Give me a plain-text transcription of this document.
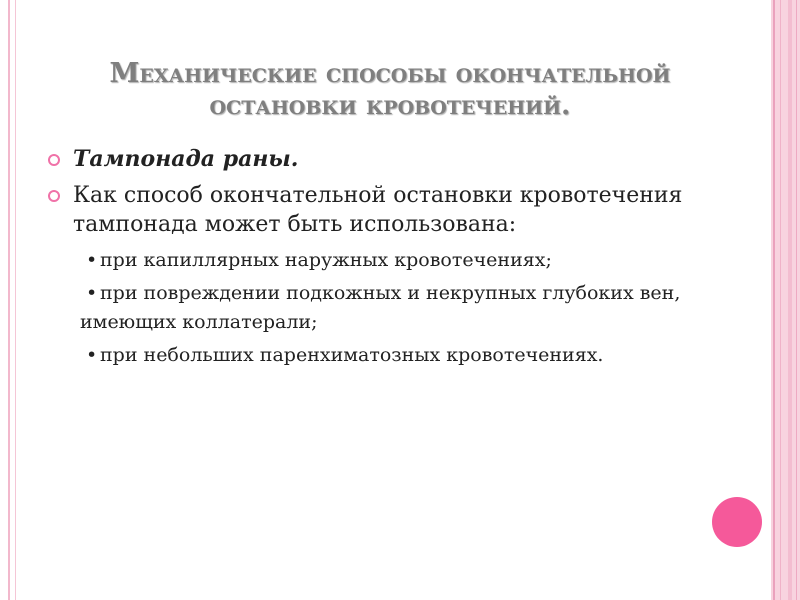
Механические способы окончательной остановки кровотечений.
Тампонада раны.
Как способ окончательной остановки кровотечения тампонада может быть использована:
• при капиллярных наружных кровотечениях;
• при повреждении подкожных и некрупных глубоких вен, имеющих коллатерали;
• при небольших паренхиматозных кровотечениях.
